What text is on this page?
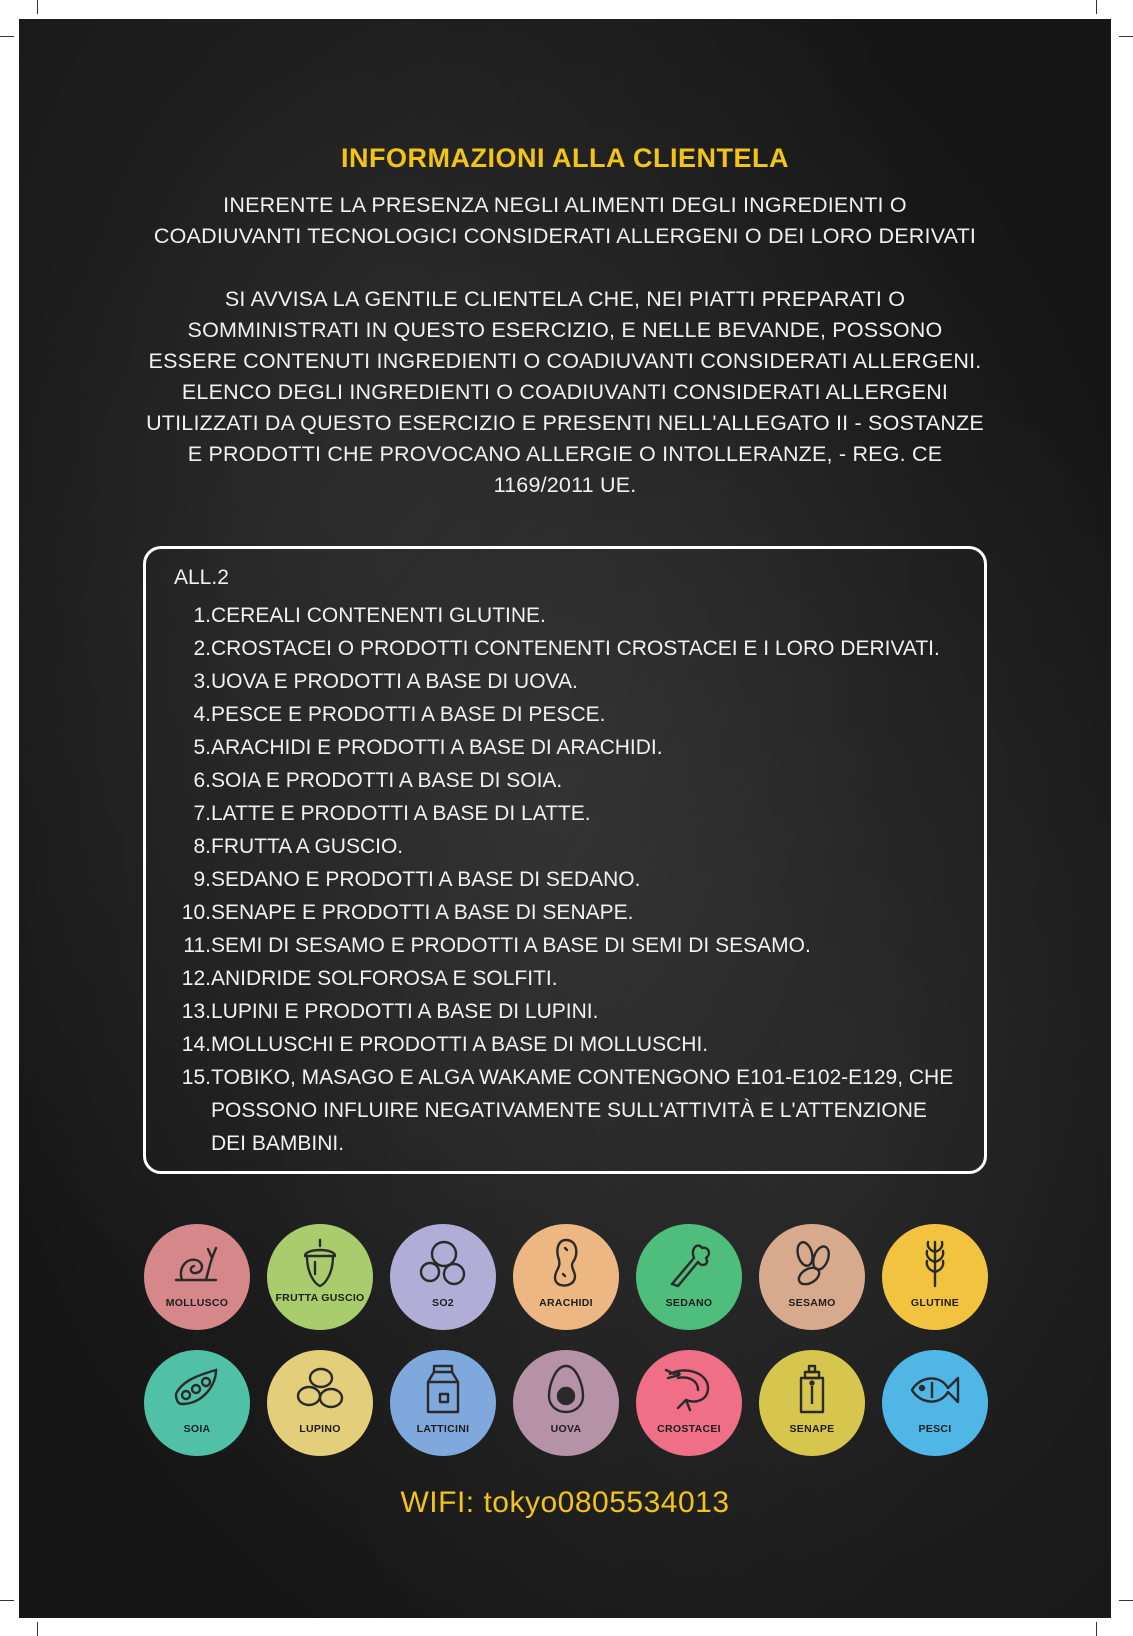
INFORMAZIONI ALLA CLIENTELA
INERENTE LA PRESENZA NEGLI ALIMENTI DEGLI INGREDIENTI O
COADIUVANTI TECNOLOGICI CONSIDERATI ALLERGENI O DEI LORO DERIVATI
SI AVVISA LA GENTILE CLIENTELA CHE, NEI PIATTI PREPARATI O
SOMMINISTRATI IN QUESTO ESERCIZIO, E NELLE BEVANDE, POSSONO
ESSERE CONTENUTI INGREDIENTI O COADIUVANTI CONSIDERATI ALLERGENI.
ELENCO DEGLI INGREDIENTI O COADIUVANTI CONSIDERATI ALLERGENI
UTILIZZATI DA QUESTO ESERCIZIO E PRESENTI NELL'ALLEGATO II - SOSTANZE
E PRODOTTI CHE PROVOCANO ALLERGIE O INTOLLERANZE, - REG. CE
1169/2011 UE.
ALL.2
1. CEREALI CONTENENTI GLUTINE.
2. CROSTACEI O PRODOTTI CONTENENTI CROSTACEI E I LORO DERIVATI.
3. UOVA E PRODOTTI A BASE DI UOVA.
4. PESCE E PRODOTTI A BASE DI PESCE.
5. ARACHIDI E PRODOTTI A BASE DI ARACHIDI.
6. SOIA E PRODOTTI A BASE DI SOIA.
7. LATTE E PRODOTTI A BASE DI LATTE.
8. FRUTTA A GUSCIO.
9. SEDANO E PRODOTTI A BASE DI SEDANO.
10. SENAPE E PRODOTTI A BASE DI SENAPE.
11. SEMI DI SESAMO E PRODOTTI A BASE DI SEMI DI SESAMO.
12. ANIDRIDE SOLFOROSA E SOLFITI.
13. LUPINI E PRODOTTI A BASE DI LUPINI.
14. MOLLUSCHI E PRODOTTI A BASE DI MOLLUSCHI.
15. TOBIKO, MASAGO E ALGA WAKAME CONTENGONO E101-E102-E129, CHE POSSONO INFLUIRE NEGATIVAMENTE SULL'ATTIVITÀ E L'ATTENZIONE DEI BAMBINI.
MOLLUSCO	FRUTTA GUSCIO	SO2	ARACHIDI	SEDANO	SESAMO	GLUTINE
SOIA	LUPINO	LATTICINI	UOVA	CROSTACEI	SENAPE	PESCI
WIFI: tokyo0805534013
